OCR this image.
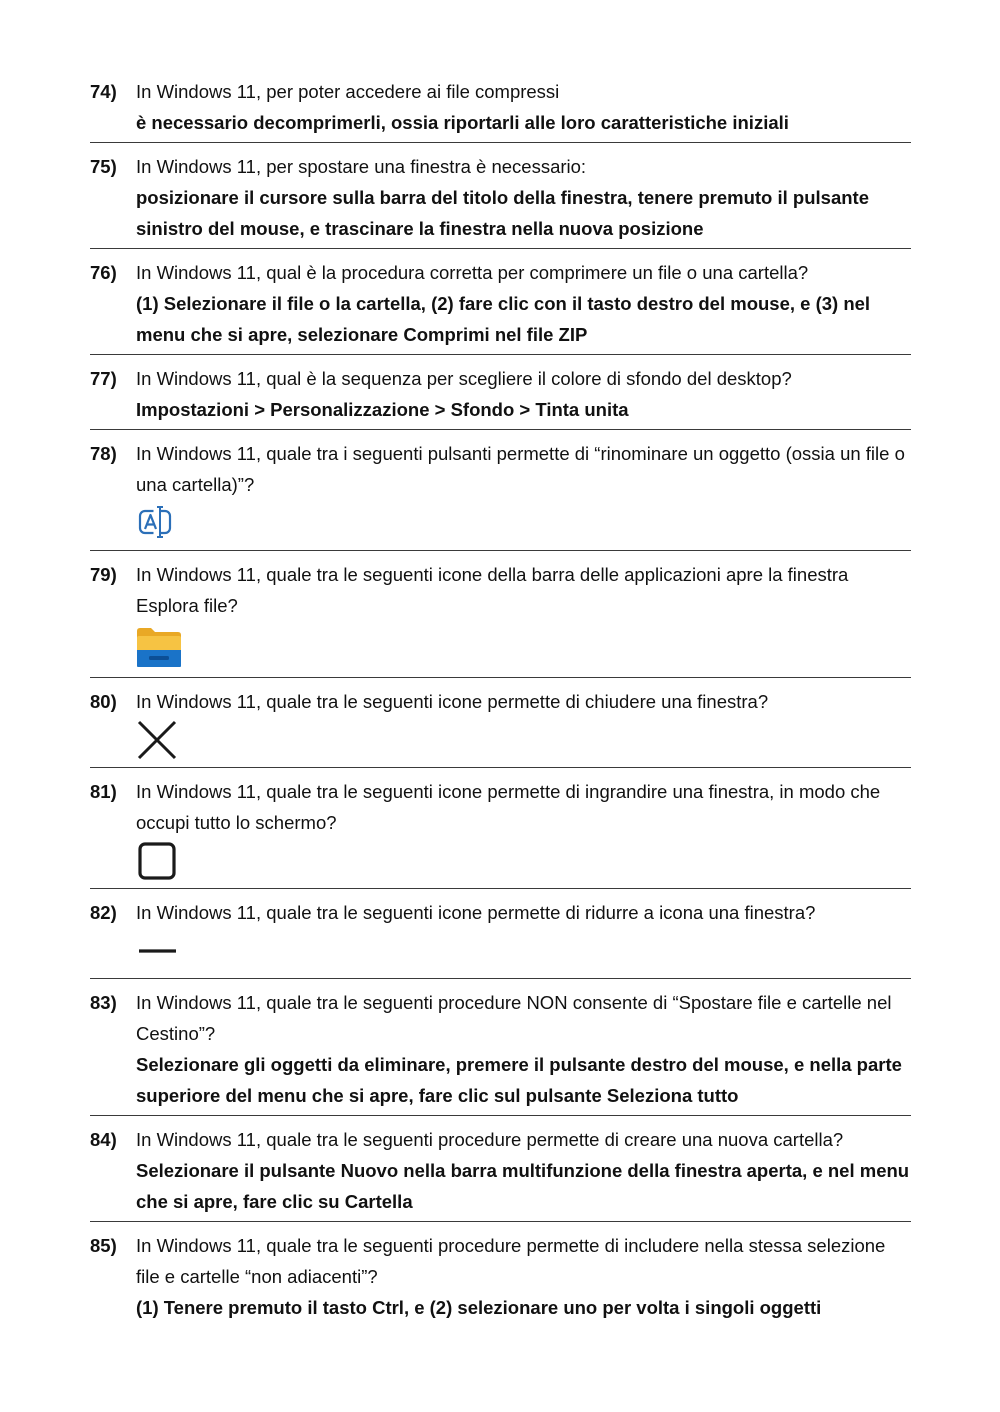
74)	In Windows 11, per poter accedere ai file compressi
è necessario decomprimerli, ossia riportarli alle loro caratteristiche iniziali
75)	In Windows 11, per spostare una finestra è necessario:
posizionare il cursore sulla barra del titolo della finestra, tenere premuto il pulsante sinistro del mouse, e trascinare la finestra nella nuova posizione
76)	In Windows 11, qual è la procedura corretta per comprimere un file o una cartella?
(1) Selezionare il file o la cartella, (2) fare clic con il tasto destro del mouse, e (3) nel menu che si apre, selezionare Comprimi nel file ZIP
77)	In Windows 11, qual è la sequenza per scegliere il colore di sfondo del desktop?
Impostazioni > Personalizzazione > Sfondo > Tinta unita
78)	In Windows 11, quale tra i seguenti pulsanti permette di “rinominare un oggetto (ossia un file o una cartella)”?
79)	In Windows 11, quale tra le seguenti icone della barra delle applicazioni apre la finestra Esplora file?
80)	In Windows 11, quale tra le seguenti icone permette di chiudere una finestra?
81)	In Windows 11, quale tra le seguenti icone permette di ingrandire una finestra, in modo che occupi tutto lo schermo?
82)	In Windows 11, quale tra le seguenti icone permette di ridurre a icona una finestra?
83)	In Windows 11, quale tra le seguenti procedure NON consente di “Spostare file e cartelle nel Cestino”?
Selezionare gli oggetti da eliminare, premere il pulsante destro del mouse, e nella parte superiore del menu che si apre, fare clic sul pulsante Seleziona tutto
84)	In Windows 11, quale tra le seguenti procedure permette di creare una nuova cartella?
Selezionare il pulsante Nuovo nella barra multifunzione della finestra aperta, e nel menu che si apre, fare clic su Cartella
85)	In Windows 11, quale tra le seguenti procedure permette di includere nella stessa selezione file e cartelle “non adiacenti”?
(1) Tenere premuto il tasto Ctrl, e (2) selezionare uno per volta i singoli oggetti
